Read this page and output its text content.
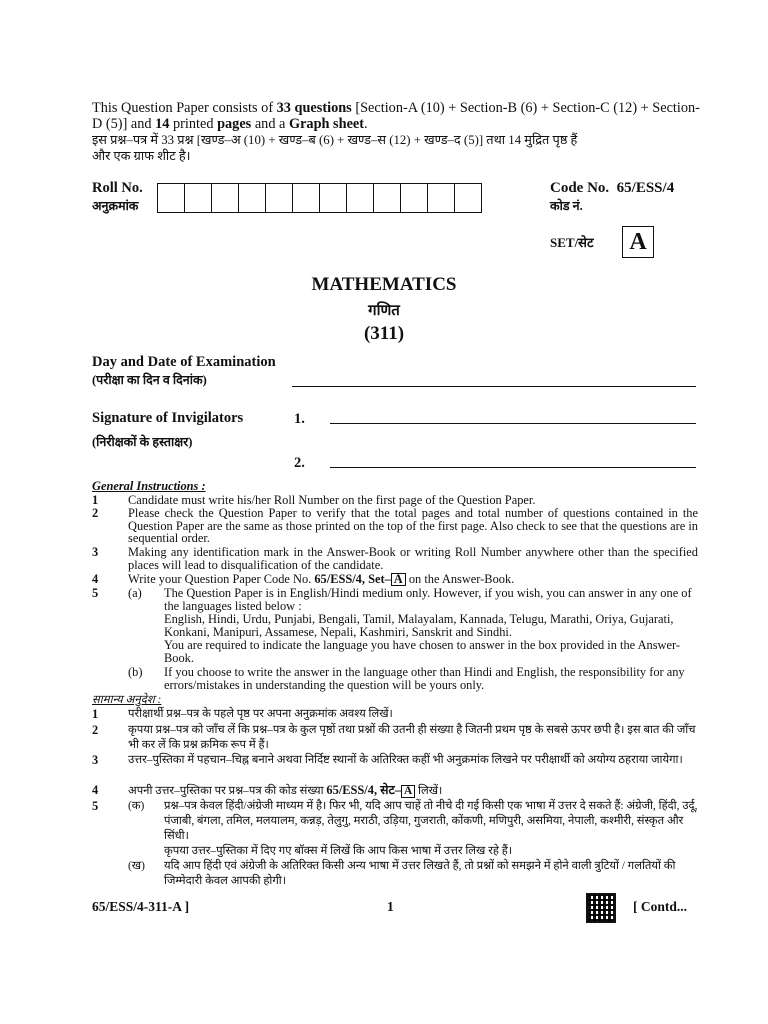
This Question Paper consists of 33 questions [Section-A (10) + Section-B (6) + Section-C (12) + Section-D (5)] and 14 printed pages and a Graph sheet.
इस प्रश्न–पत्र में 33 प्रश्न [खण्ड–अ (10) + खण्ड–ब (6) + खण्ड–स (12) + खण्ड–द (5)] तथा 14 मुद्रित पृष्ठ हैं
और एक ग्राफ शीट है।
Roll No.
अनुक्रमांक
Code No. 65/ESS/4
कोड नं.
SET/सेट	A
MATHEMATICS
गणित
(311)
Day and Date of Examination
(परीक्षा का दिन व दिनांक)
Signature of Invigilators
(निरीक्षकों के हस्ताक्षर)
1.
2.
General Instructions :
1 Candidate must write his/her Roll Number on the first page of the Question Paper.
2 Please check the Question Paper to verify that the total pages and total number of questions contained in the Question Paper are the same as those printed on the top of the first page. Also check to see that the questions are in sequential order.
3 Making any identification mark in the Answer-Book or writing Roll Number anywhere other than the specified places will lead to disqualification of the candidate.
4 Write your Question Paper Code No. 65/ESS/4, Set– A on the Answer-Book.
5 (a) The Question Paper is in English/Hindi medium only. However, if you wish, you can answer in any one of the languages listed below :
English, Hindi, Urdu, Punjabi, Bengali, Tamil, Malayalam, Kannada, Telugu, Marathi, Oriya, Gujarati, Konkani, Manipuri, Assamese, Nepali, Kashmiri, Sanskrit and Sindhi.
You are required to indicate the language you have chosen to answer in the box provided in the Answer-Book.
(b) If you choose to write the answer in the language other than Hindi and English, the responsibility for any errors/mistakes in understanding the question will be yours only.
सामान्य अनुदेश :
1	परीक्षार्थी प्रश्न–पत्र के पहले पृष्ठ पर अपना अनुक्रमांक अवश्य लिखें।
2	कृपया प्रश्न–पत्र को जाँच लें कि प्रश्न–पत्र के कुल पृष्ठों तथा प्रश्नों की उतनी ही संख्या है जितनी प्रथम पृष्ठ के सबसे ऊपर छपी है। इस बात की जाँच भी कर लें कि प्रश्न क्रमिक रूप में हैं।
3	उत्तर–पुस्तिका में पहचान–चिह्न बनाने अथवा निर्दिष्ट स्थानों के अतिरिक्त कहीं भी अनुक्रमांक लिखने पर परीक्षार्थी को अयोग्य ठहराया जायेगा।
4	अपनी उत्तर–पुस्तिका पर प्रश्न–पत्र की कोड संख्या 65/ESS/4, सेट– A लिखें।
5	(क) प्रश्न–पत्र केवल हिंदी/अंग्रेजी माध्यम में है। फिर भी, यदि आप चाहें तो नीचे दी गई किसी एक भाषा में उत्तर दे सकते हैं: अंग्रेजी, हिंदी, उर्दू, पंजाबी, बंगला, तमिल, मलयालम, कन्नड़, तेलुगु, मराठी, उड़िया, गुजराती, कोंकणी, मणिपुरी, असमिया, नेपाली, कश्मीरी, संस्कृत और सिंधी।
कृपया उत्तर–पुस्तिका में दिए गए बॉक्स में लिखें कि आप किस भाषा में उत्तर लिख रहे हैं।
(ख) यदि आप हिंदी एवं अंग्रेजी के अतिरिक्त किसी अन्य भाषा में उत्तर लिखते हैं, तो प्रश्नों को समझने में होने वाली त्रुटियों / गलतियों की जिम्मेदारी केवल आपकी होगी।
65/ESS/4-311-A ]	1	[ Contd...
